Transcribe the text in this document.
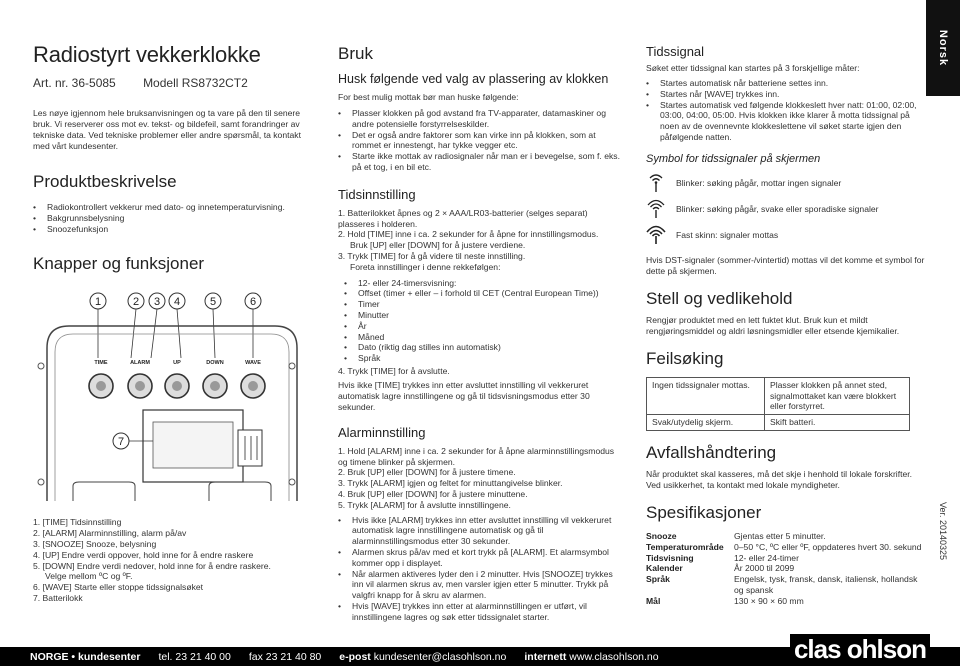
Radiostyrt vekkerklokke
Art. nr. 36-5085 Modell RS8732CT2

Les nøye igjennom hele bruksanvisningen og ta vare på den til senere bruk. Vi reserverer oss mot ev. tekst- og bildefeil, samt forandringer av tekniske data. Ved tekniske problemer eller andre spørsmål, ta kontakt med vårt kundesenter.

Produktbeskrivelse
• Radiokontrollert vekkerur med dato- og innetemperaturvisning.
• Bakgrunnsbelysning
• Snoozefunksjon
Knapper og funksjoner
1	2 3 4	5	6
TIME	ALARM	UP	DOWN	WAVE
7
1. [TIME] Tidsinnstilling
2. [ALARM] Alarminnstilling, alarm på/av
3. [SNOOZE] Snooze, belysning
4. [UP] Endre verdi oppover, hold inne for å endre raskere
5. [DOWN] Endre verdi nedover, hold inne for å endre raskere.
Velge mellom ºC og ºF.
6. [WAVE] Starte eller stoppe tidssignalsøket
7. Batterilokk
Bruk
Husk følgende ved valg av plassering av klokken

For best mulig mottak bør man huske følgende:

• Plasser klokken på god avstand fra TV-apparater, datamaskiner og andre potensielle forstyrrelseskilder.
• Det er også andre faktorer som kan virke inn på klokken, som at rommet er innestengt, har tykke vegger etc.
• Starte ikke mottak av radiosignaler når man er i bevegelse, som f. eks. på et tog, i en bil etc.
Tidsinnstilling
1. Batterilokket åpnes og 2 × AAA/LR03-batterier (selges separat) plasseres i holderen.
2. Hold [TIME] inne i ca. 2 sekunder for å åpne for innstillingsmodus.
Bruk [UP] eller [DOWN] for å justere verdiene.
3. Trykk [TIME] for å gå videre til neste innstilling.
Foreta innstillinger i denne rekkefølgen:
• 12- eller 24-timersvisning:
• Offset (timer + eller – i forhold til CET (Central European Time))
• Timer
• Minutter
• År
• Måned
• Dato (riktig dag stilles inn automatisk)
• Språk
4. Trykk [TIME] for å avslutte.

Hvis ikke [TIME] trykkes inn etter avsluttet innstilling vil vekkeruret automatisk lagre innstillingene og gå til tidsvisningsmodus etter 30 sekunder.

Alarminnstilling
1. Hold [ALARM] inne i ca. 2 sekunder for å åpne alarminnstillingsmodus og timene blinker på skjermen.
2. Bruk [UP] eller [DOWN] for å justere timene.
3. Trykk [ALARM] igjen og feltet for minuttangivelse blinker.
4. Bruk [UP] eller [DOWN] for å justere minuttene.
5. Trykk [ALARM] for å avslutte innstillingene.
• Hvis ikke [ALARM] trykkes inn etter avsluttet innstilling vil vekkeruret automatisk lagre innstillingene automatisk og gå til alarminnstillingsmodus etter 30 sekunder.
• Alarmen skrus på/av med et kort trykk på [ALARM]. Et alarmsymbol kommer opp i displayet.
• Når alarmen aktiveres lyder den i 2 minutter. Hvis [SNOOZE] trykkes inn vil alarmen skrus av, men varsler igjen etter 5 minutter. Trykk på valgfri knapp for å skru av alarmen.
• Hvis [WAVE] trykkes inn etter at alarminnstillingen er utført, vil innstillingene lagres og søk etter tidssignalet starter.
Tidssignal

Søket etter tidssignal kan startes på 3 forskjellige måter:

• Startes automatisk når batteriene settes inn.
• Startes når [WAVE] trykkes inn.
• Startes automatisk ved følgende klokkeslett hver natt: 01:00, 02:00, 03:00, 04:00, 05:00. Hvis klokken ikke klarer å motta tidssignal på noen av de ovennevnte klokkeslettene vil søket starte igjen den påfølgende natten.
Symbol for tidssignaler på skjermen
Blinker: søking pågår, mottar ingen signaler
Blinker: søking pågår, svake eller sporadiske signaler
Fast skinn: signaler mottas

Hvis DST-signaler (sommer-/vintertid) mottas vil det komme et symbol for dette på skjermen.

Stell og vedlikehold

Rengjør produktet med en lett fuktet klut. Bruk kun et mildt rengjøringsmiddel og aldri løsningsmidler eller etsende kjemikalier.

Feilsøking
Ingen tidssignaler mottas.	Plasser klokken på annet sted, signalmottaket kan være blokkert eller forstyrret.
Svak/utydelig skjerm.	Skift batteri.
Avfallshåndtering

Når produktet skal kasseres, må det skje i henhold til lokale forskrifter. Ved usikkerhet, ta kontakt med lokale myndigheter.

Spesifikasjoner
Snooze	Gjentas etter 5 minutter.
Temperaturområde	0–50 °C, ºC eller ºF, oppdateres hvert 30. sekund
Tidsvisning	12- eller 24-timer
Kalender	År 2000 til 2099
Språk	Engelsk, tysk, fransk, dansk, italiensk, hollandsk og spansk
Mål	130 × 90 × 60 mm
Norsk
Ver. 20140325
NORGE • kundesenter tel. 23 21 40 00 fax 23 21 40 80 e-post kundesenter@clasohlson.no internett www.clasohlson.no	clas ohlson
